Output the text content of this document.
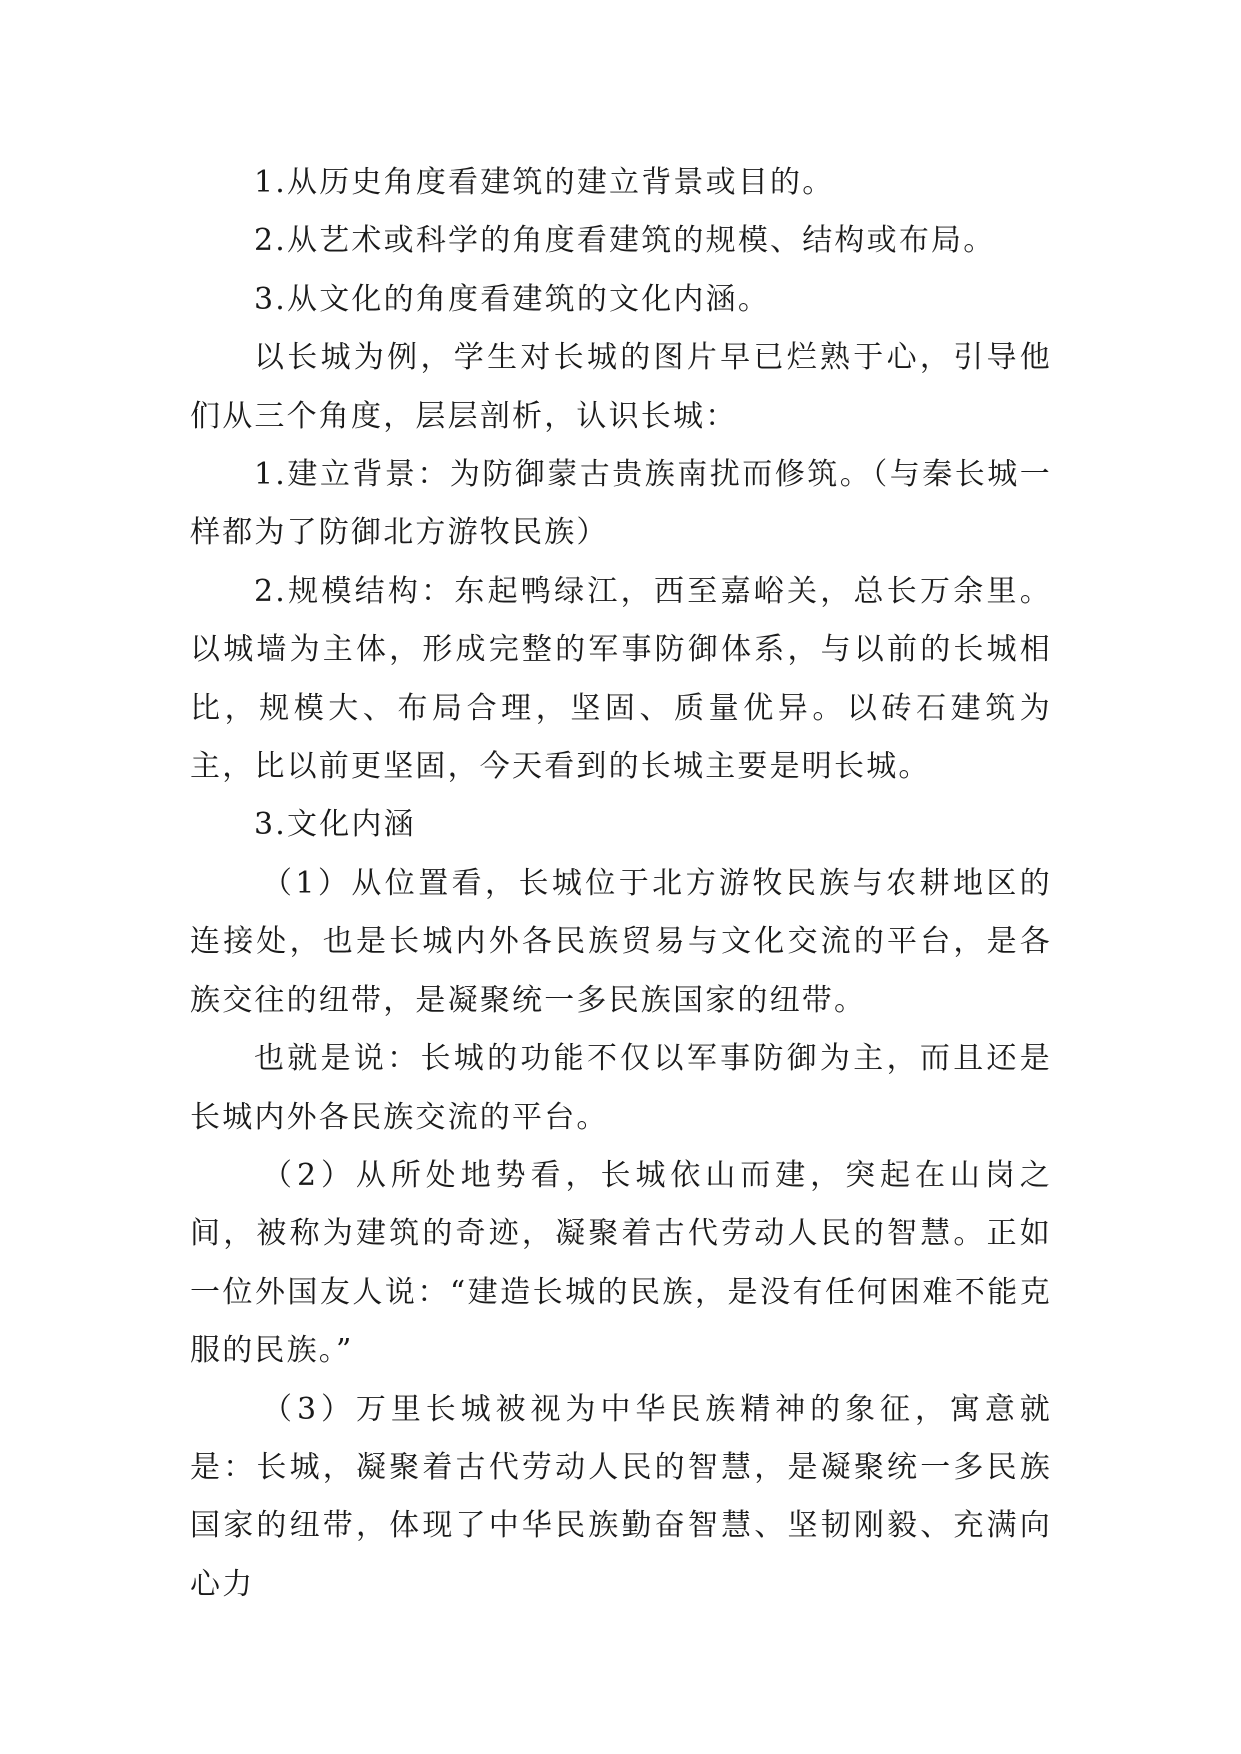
1.从历史角度看建筑的建立背景或目的。

2.从艺术或科学的角度看建筑的规模、结构或布局。

3.从文化的角度看建筑的文化内涵。

以长城为例，学生对长城的图片早已烂熟于心，引导他们从三个角度，层层剖析，认识长城：

1.建立背景：为防御蒙古贵族南扰而修筑。（与秦长城一样都为了防御北方游牧民族）

2.规模结构：东起鸭绿江，西至嘉峪关，总长万余里。以城墙为主体，形成完整的军事防御体系，与以前的长城相比，规模大、布局合理，坚固、质量优异。以砖石建筑为主，比以前更坚固，今天看到的长城主要是明长城。

3.文化内涵

（1）从位置看，长城位于北方游牧民族与农耕地区的连接处，也是长城内外各民族贸易与文化交流的平台，是各族交往的纽带，是凝聚统一多民族国家的纽带。

也就是说：长城的功能不仅以军事防御为主，而且还是长城内外各民族交流的平台。

（2）从所处地势看，长城依山而建，突起在山岗之间，被称为建筑的奇迹，凝聚着古代劳动人民的智慧。正如一位外国友人说：“建造长城的民族，是没有任何困难不能克服的民族。”

（3）万里长城被视为中华民族精神的象征，寓意就是：长城，凝聚着古代劳动人民的智慧，是凝聚统一多民族国家的纽带，体现了中华民族勤奋智慧、坚韧刚毅、充满向心力
